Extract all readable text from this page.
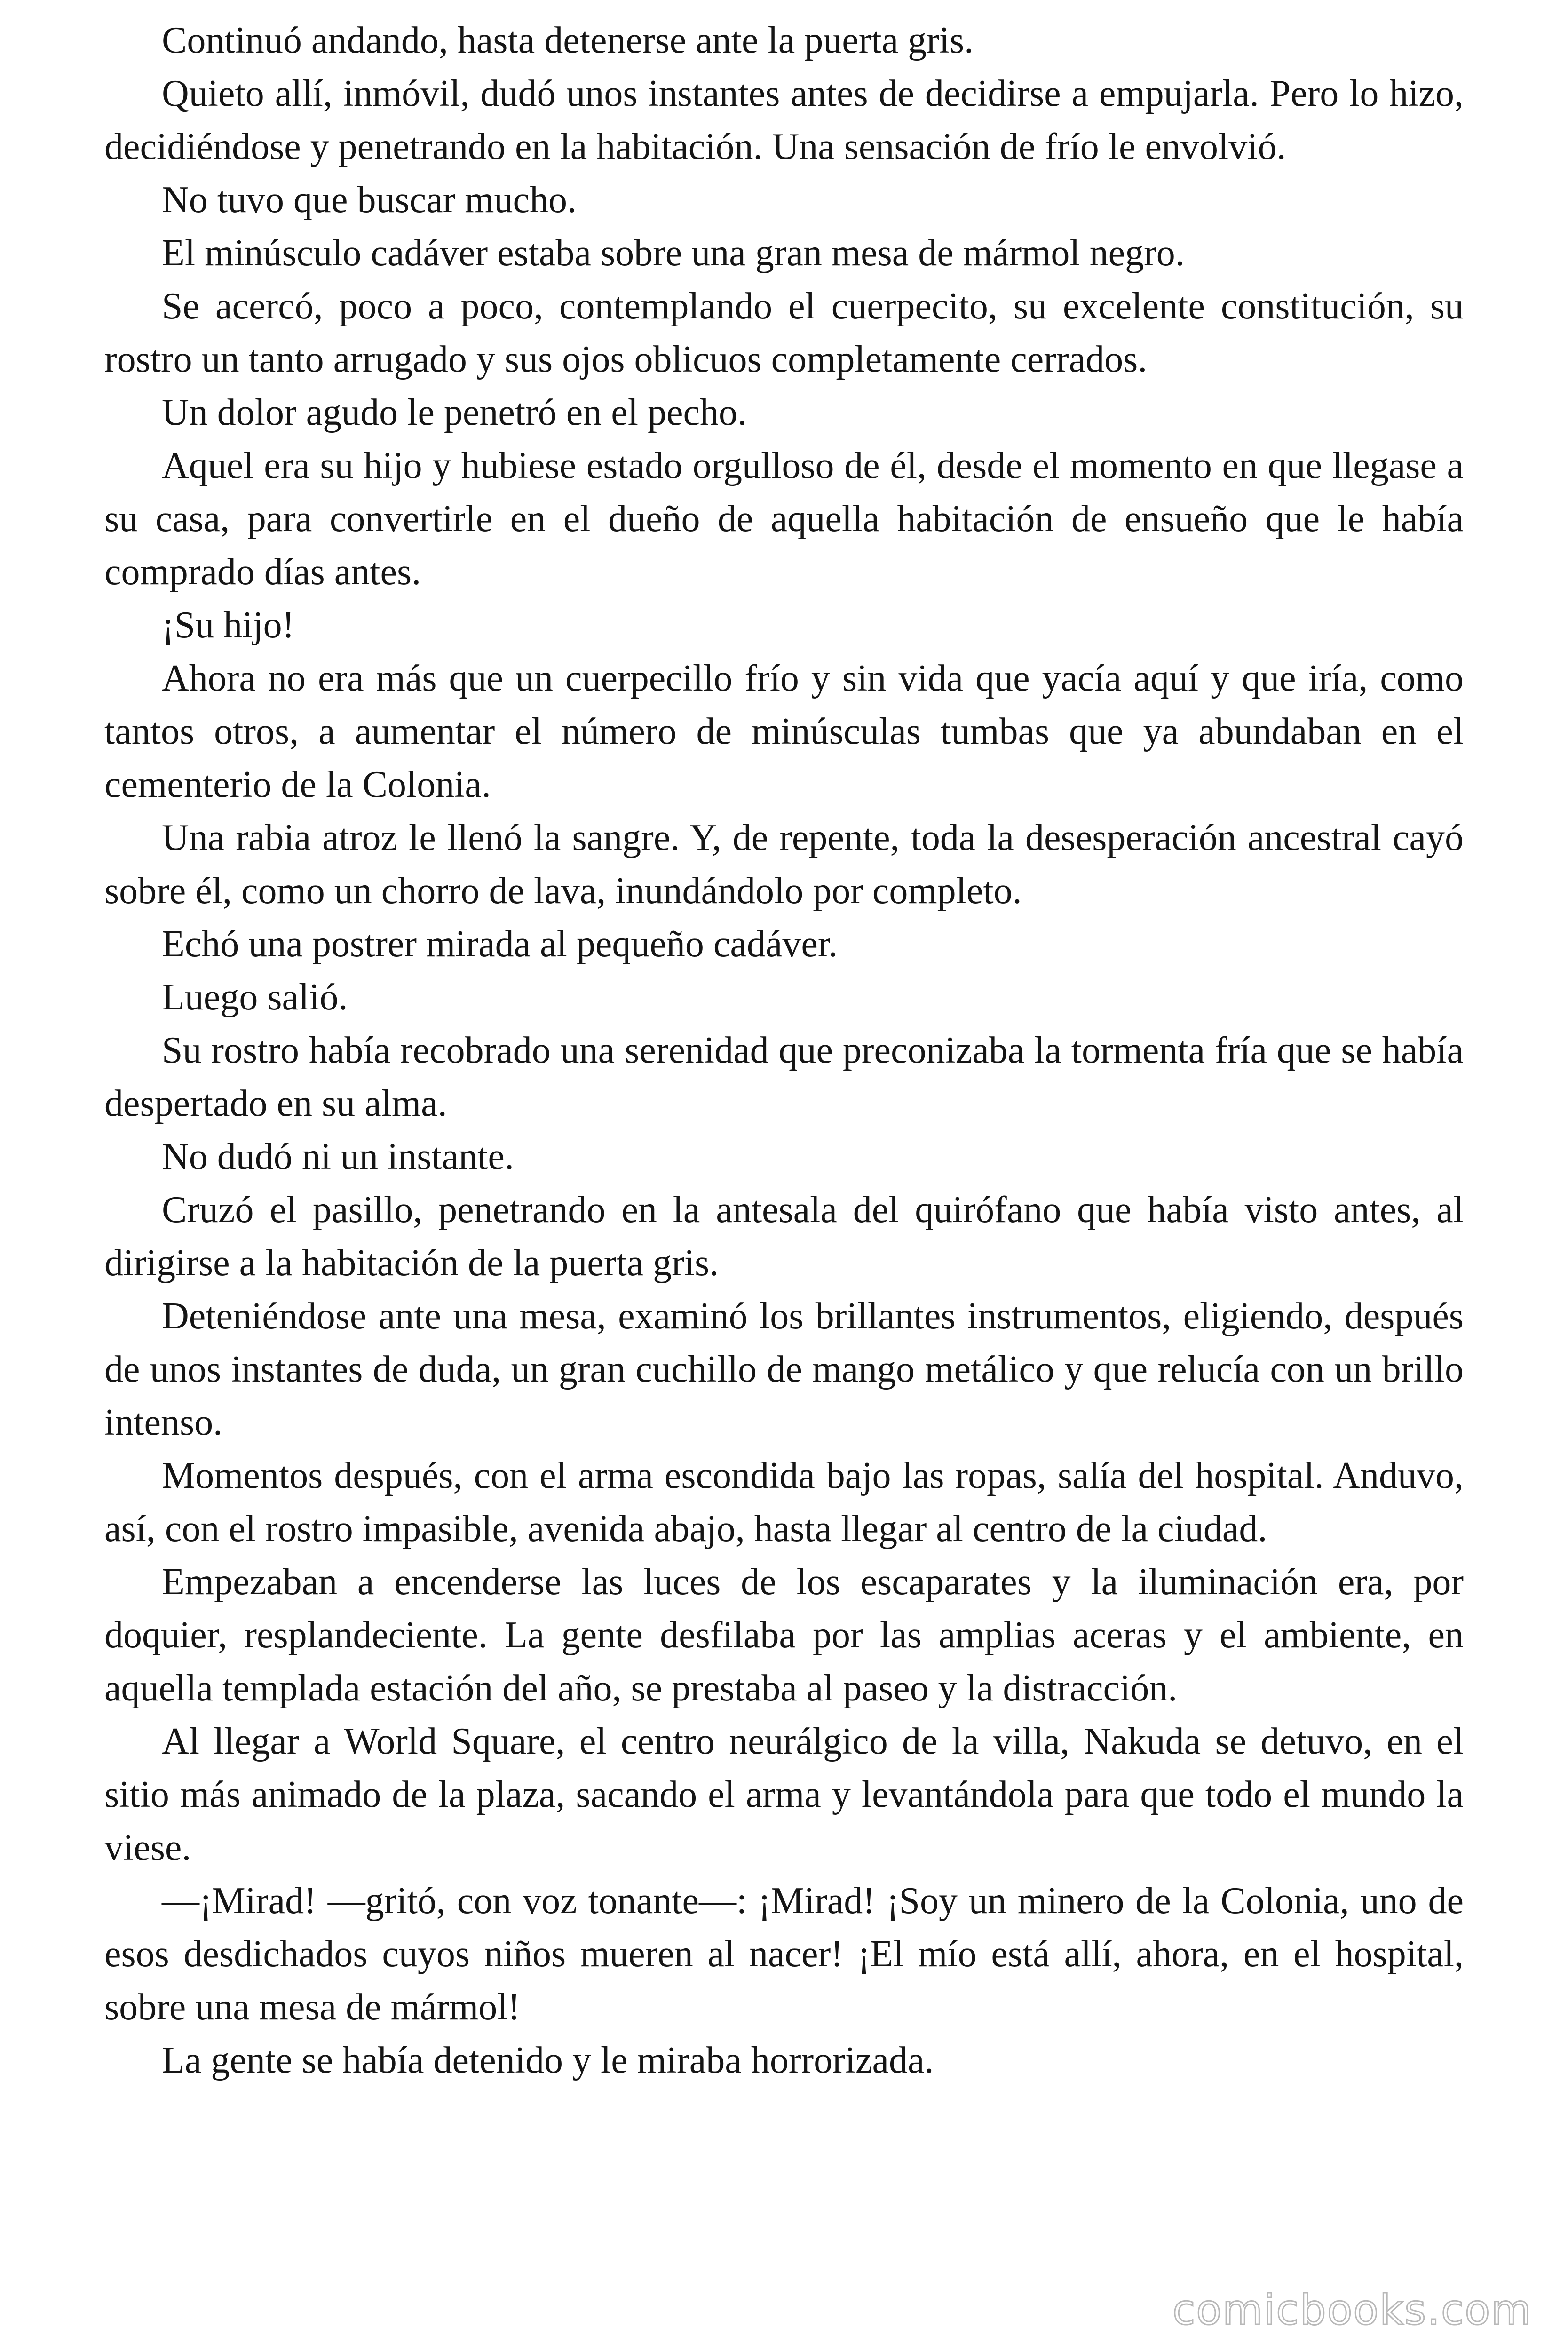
Continuó andando, hasta detenerse ante la puerta gris.

Quieto allí, inmóvil, dudó unos instantes antes de decidirse a empujarla. Pero lo hizo, decidiéndose y penetrando en la habitación. Una sensación de frío le envolvió.

No tuvo que buscar mucho.

El minúsculo cadáver estaba sobre una gran mesa de mármol negro.

Se acercó, poco a poco, contemplando el cuerpecito, su excelente constitución, su rostro un tanto arrugado y sus ojos oblicuos completamente cerrados.

Un dolor agudo le penetró en el pecho.

Aquel era su hijo y hubiese estado orgulloso de él, desde el momento en que llegase a su casa, para convertirle en el dueño de aquella habitación de ensueño que le había comprado días antes.

¡Su hijo!

Ahora no era más que un cuerpecillo frío y sin vida que yacía aquí y que iría, como tantos otros, a aumentar el número de minúsculas tumbas que ya abundaban en el cementerio de la Colonia.

Una rabia atroz le llenó la sangre. Y, de repente, toda la desesperación ancestral cayó sobre él, como un chorro de lava, inundándolo por completo.

Echó una postrer mirada al pequeño cadáver.

Luego salió.

Su rostro había recobrado una serenidad que preconizaba la tormenta fría que se había despertado en su alma.

No dudó ni un instante.

Cruzó el pasillo, penetrando en la antesala del quirófano que había visto antes, al dirigirse a la habitación de la puerta gris.

Deteniéndose ante una mesa, examinó los brillantes instrumentos, eligiendo, después de unos instantes de duda, un gran cuchillo de mango metálico y que relucía con un brillo intenso.

Momentos después, con el arma escondida bajo las ropas, salía del hospital. Anduvo, así, con el rostro impasible, avenida abajo, hasta llegar al centro de la ciudad.

Empezaban a encenderse las luces de los escaparates y la iluminación era, por doquier, resplandeciente. La gente desfilaba por las amplias aceras y el ambiente, en aquella templada estación del año, se prestaba al paseo y la distracción.

Al llegar a World Square, el centro neurálgico de la villa, Nakuda se detuvo, en el sitio más animado de la plaza, sacando el arma y levantándola para que todo el mundo la viese.

—¡Mirad! —gritó, con voz tonante—: ¡Mirad! ¡Soy un minero de la Colonia, uno de esos desdichados cuyos niños mueren al nacer! ¡El mío está allí, ahora, en el hospital, sobre una mesa de mármol!

La gente se había detenido y le miraba horrorizada.

comicbooks.com
